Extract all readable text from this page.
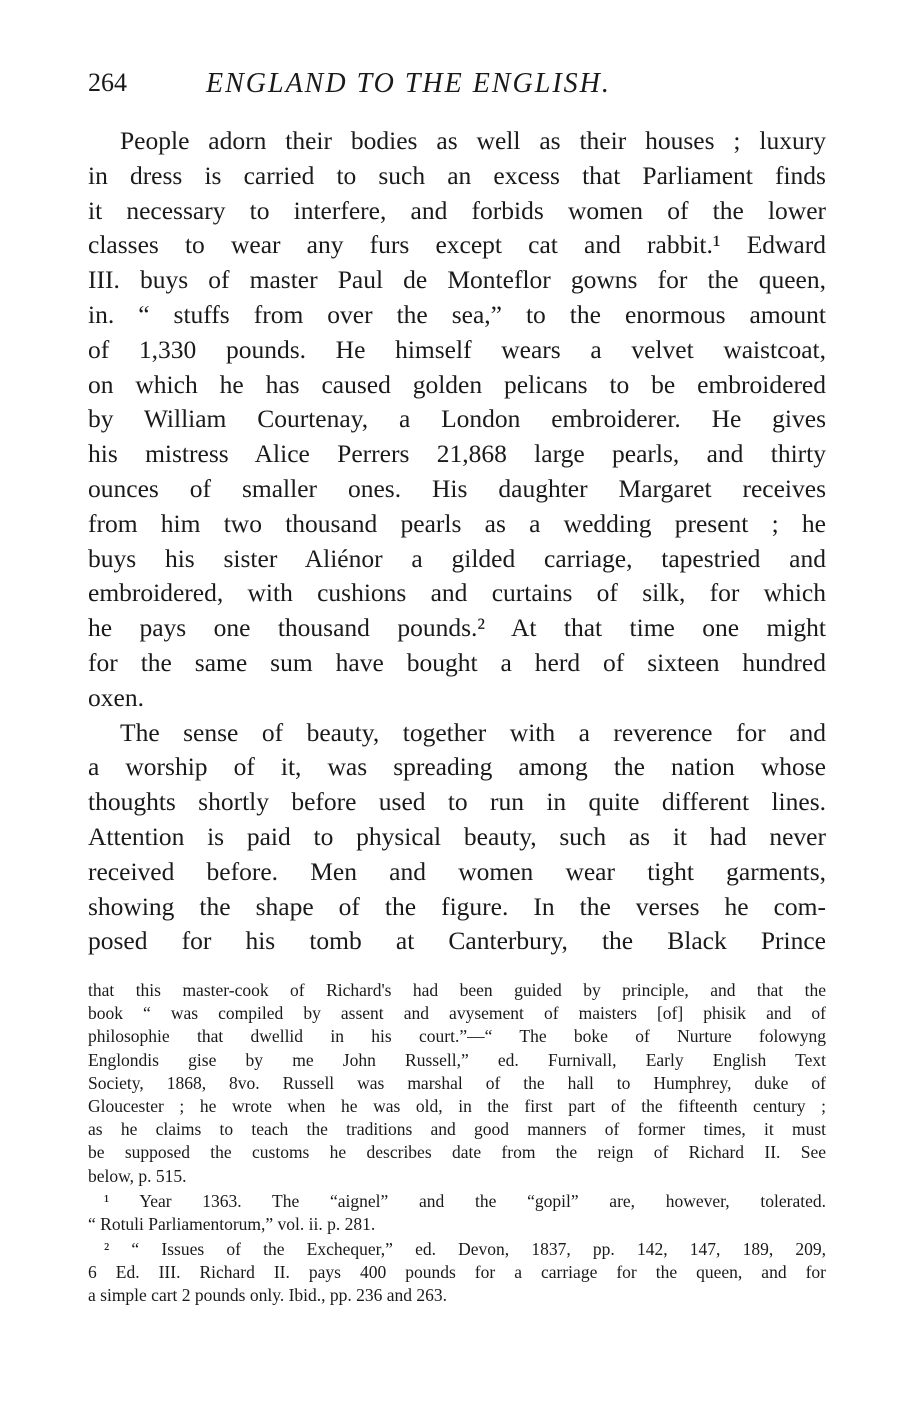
264	ENGLAND TO THE ENGLISH.
People adorn their bodies as well as their houses ; luxury
in dress is carried to such an excess that Parliament finds
it necessary to interfere, and forbids women of the lower
classes to wear any furs except cat and rabbit.¹ Edward
III. buys of master Paul de Monteflor gowns for the queen,
in. “ stuffs from over the sea,” to the enormous amount
of 1,330 pounds. He himself wears a velvet waistcoat,
on which he has caused golden pelicans to be embroidered
by William Courtenay, a London embroiderer. He gives
his mistress Alice Perrers 21,868 large pearls, and thirty
ounces of smaller ones. His daughter Margaret receives
from him two thousand pearls as a wedding present ; he
buys his sister Aliénor a gilded carriage, tapestried and
embroidered, with cushions and curtains of silk, for which
he pays one thousand pounds.² At that time one might
for the same sum have bought a herd of sixteen hundred
oxen.
The sense of beauty, together with a reverence for and
a worship of it, was spreading among the nation whose
thoughts shortly before used to run in quite different lines.
Attention is paid to physical beauty, such as it had never
received before. Men and women wear tight garments,
showing the shape of the figure. In the verses he com-
posed for his tomb at Canterbury, the Black Prince
that this master-cook of Richard's had been guided by principle, and that the
book “ was compiled by assent and avysement of maisters [of] phisik and of
philosophie that dwellid in his court.”—“ The boke of Nurture folowyng
Englondis gise by me John Russell,” ed. Furnivall, Early English Text
Society, 1868, 8vo. Russell was marshal of the hall to Humphrey, duke of
Gloucester ; he wrote when he was old, in the first part of the fifteenth century ;
as he claims to teach the traditions and good manners of former times, it must
be supposed the customs he describes date from the reign of Richard II. See
below, p. 515.
¹ Year 1363. The “aignel” and the “gopil” are, however, tolerated.
“ Rotuli Parliamentorum,” vol. ii. p. 281.
² “ Issues of the Exchequer,” ed. Devon, 1837, pp. 142, 147, 189, 209,
6 Ed. III. Richard II. pays 400 pounds for a carriage for the queen, and for
a simple cart 2 pounds only. Ibid., pp. 236 and 263.
